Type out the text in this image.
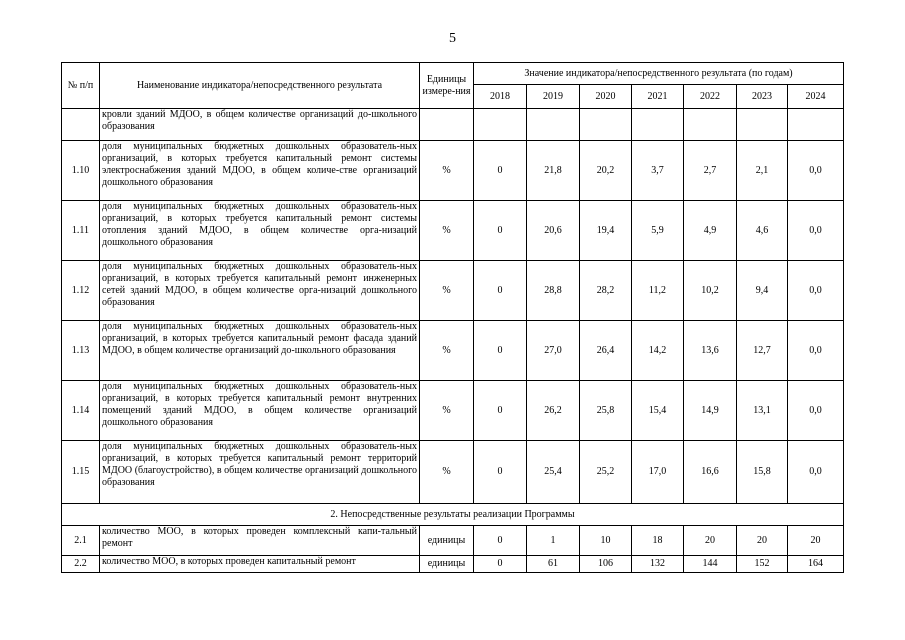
5
№ п/п	Наименование индикатора/непосредственного результата	Единицы измере-ния	Значение индикатора/непосредственного результата (по годам)						
			2018	2019	2020	2021	2022	2023	2024
	кровли зданий МДОО, в общем количестве организаций до-школьного образования								
1.10	доля муниципальных бюджетных дошкольных образователь-ных организаций, в которых требуется капитальный ремонт системы электроснабжения зданий МДОО, в общем количе-стве организаций дошкольного образования	%	0	21,8	20,2	3,7	2,7	2,1	0,0
1.11	доля муниципальных бюджетных дошкольных образователь-ных организаций, в которых требуется капитальный ремонт системы отопления зданий МДОО, в общем количестве орга-низаций дошкольного образования	%	0	20,6	19,4	5,9	4,9	4,6	0,0
1.12	доля муниципальных бюджетных дошкольных образователь-ных организаций, в которых требуется капитальный ремонт инженерных сетей зданий МДОО, в общем количестве орга-низаций дошкольного образования	%	0	28,8	28,2	11,2	10,2	9,4	0,0
1.13	доля муниципальных бюджетных дошкольных образователь-ных организаций, в которых требуется капитальный ремонт фасада зданий МДОО, в общем количестве организаций до-школьного образования	%	0	27,0	26,4	14,2	13,6	12,7	0,0
1.14	доля муниципальных бюджетных дошкольных образователь-ных организаций, в которых требуется капитальный ремонт внутренних помещений зданий МДОО, в общем количестве организаций дошкольного образования	%	0	26,2	25,8	15,4	14,9	13,1	0,0
1.15	доля муниципальных бюджетных дошкольных образователь-ных организаций, в которых требуется капитальный ремонт территорий МДОО (благоустройство), в общем количестве организаций дошкольного образования	%	0	25,4	25,2	17,0	16,6	15,8	0,0
2. Непосредственные результаты реализации Программы									
2.1	количество МОО, в которых проведен комплексный капи-тальный ремонт	единицы	0	1	10	18	20	20	20
2.2	количество МОО, в которых проведен капитальный ремонт	единицы	0	61	106	132	144	152	164
